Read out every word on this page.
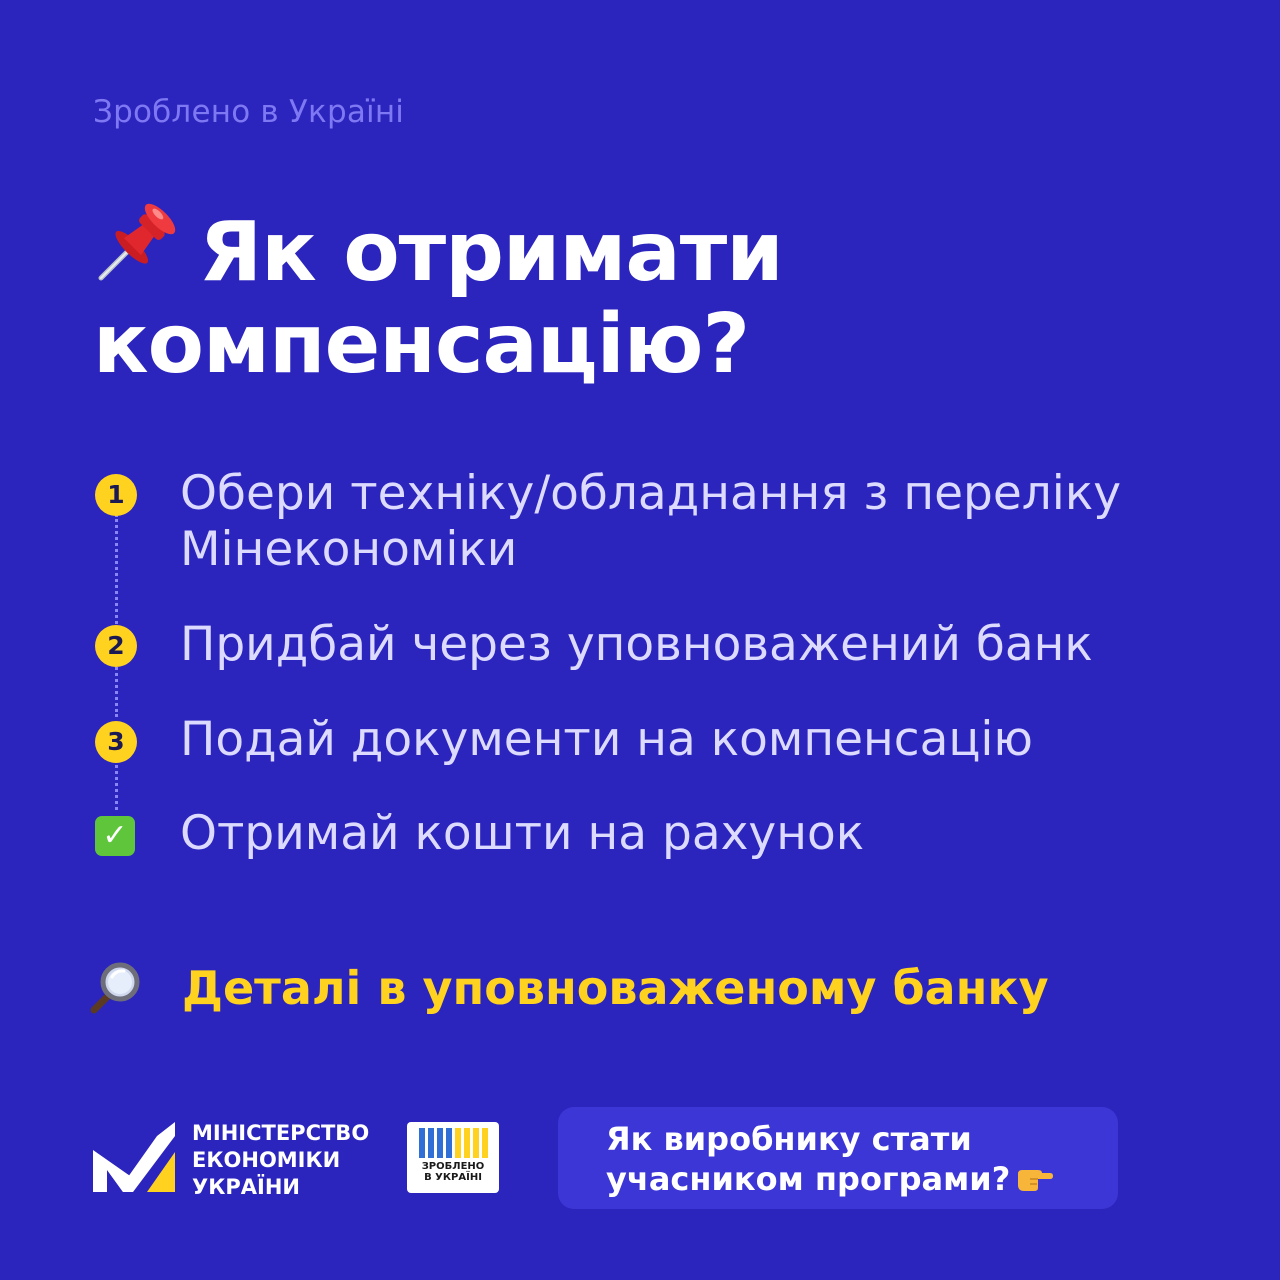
Зроблено в Україні
Як отримати
компенсацію?
1 Обери техніку/обладнання з переліку
Мінекономіки
2 Придбай через уповноважений банк
3 Подай документи на компенсацію
✓ Отримай кошти на рахунок
Деталі в уповноваженому банку
МІНІСТЕРСТВО
ЕКОНОМІКИ
УКРАЇНИ
ЗРОБЛЕНО
В УКРАЇНІ
Як виробнику стати
учасником програми?
